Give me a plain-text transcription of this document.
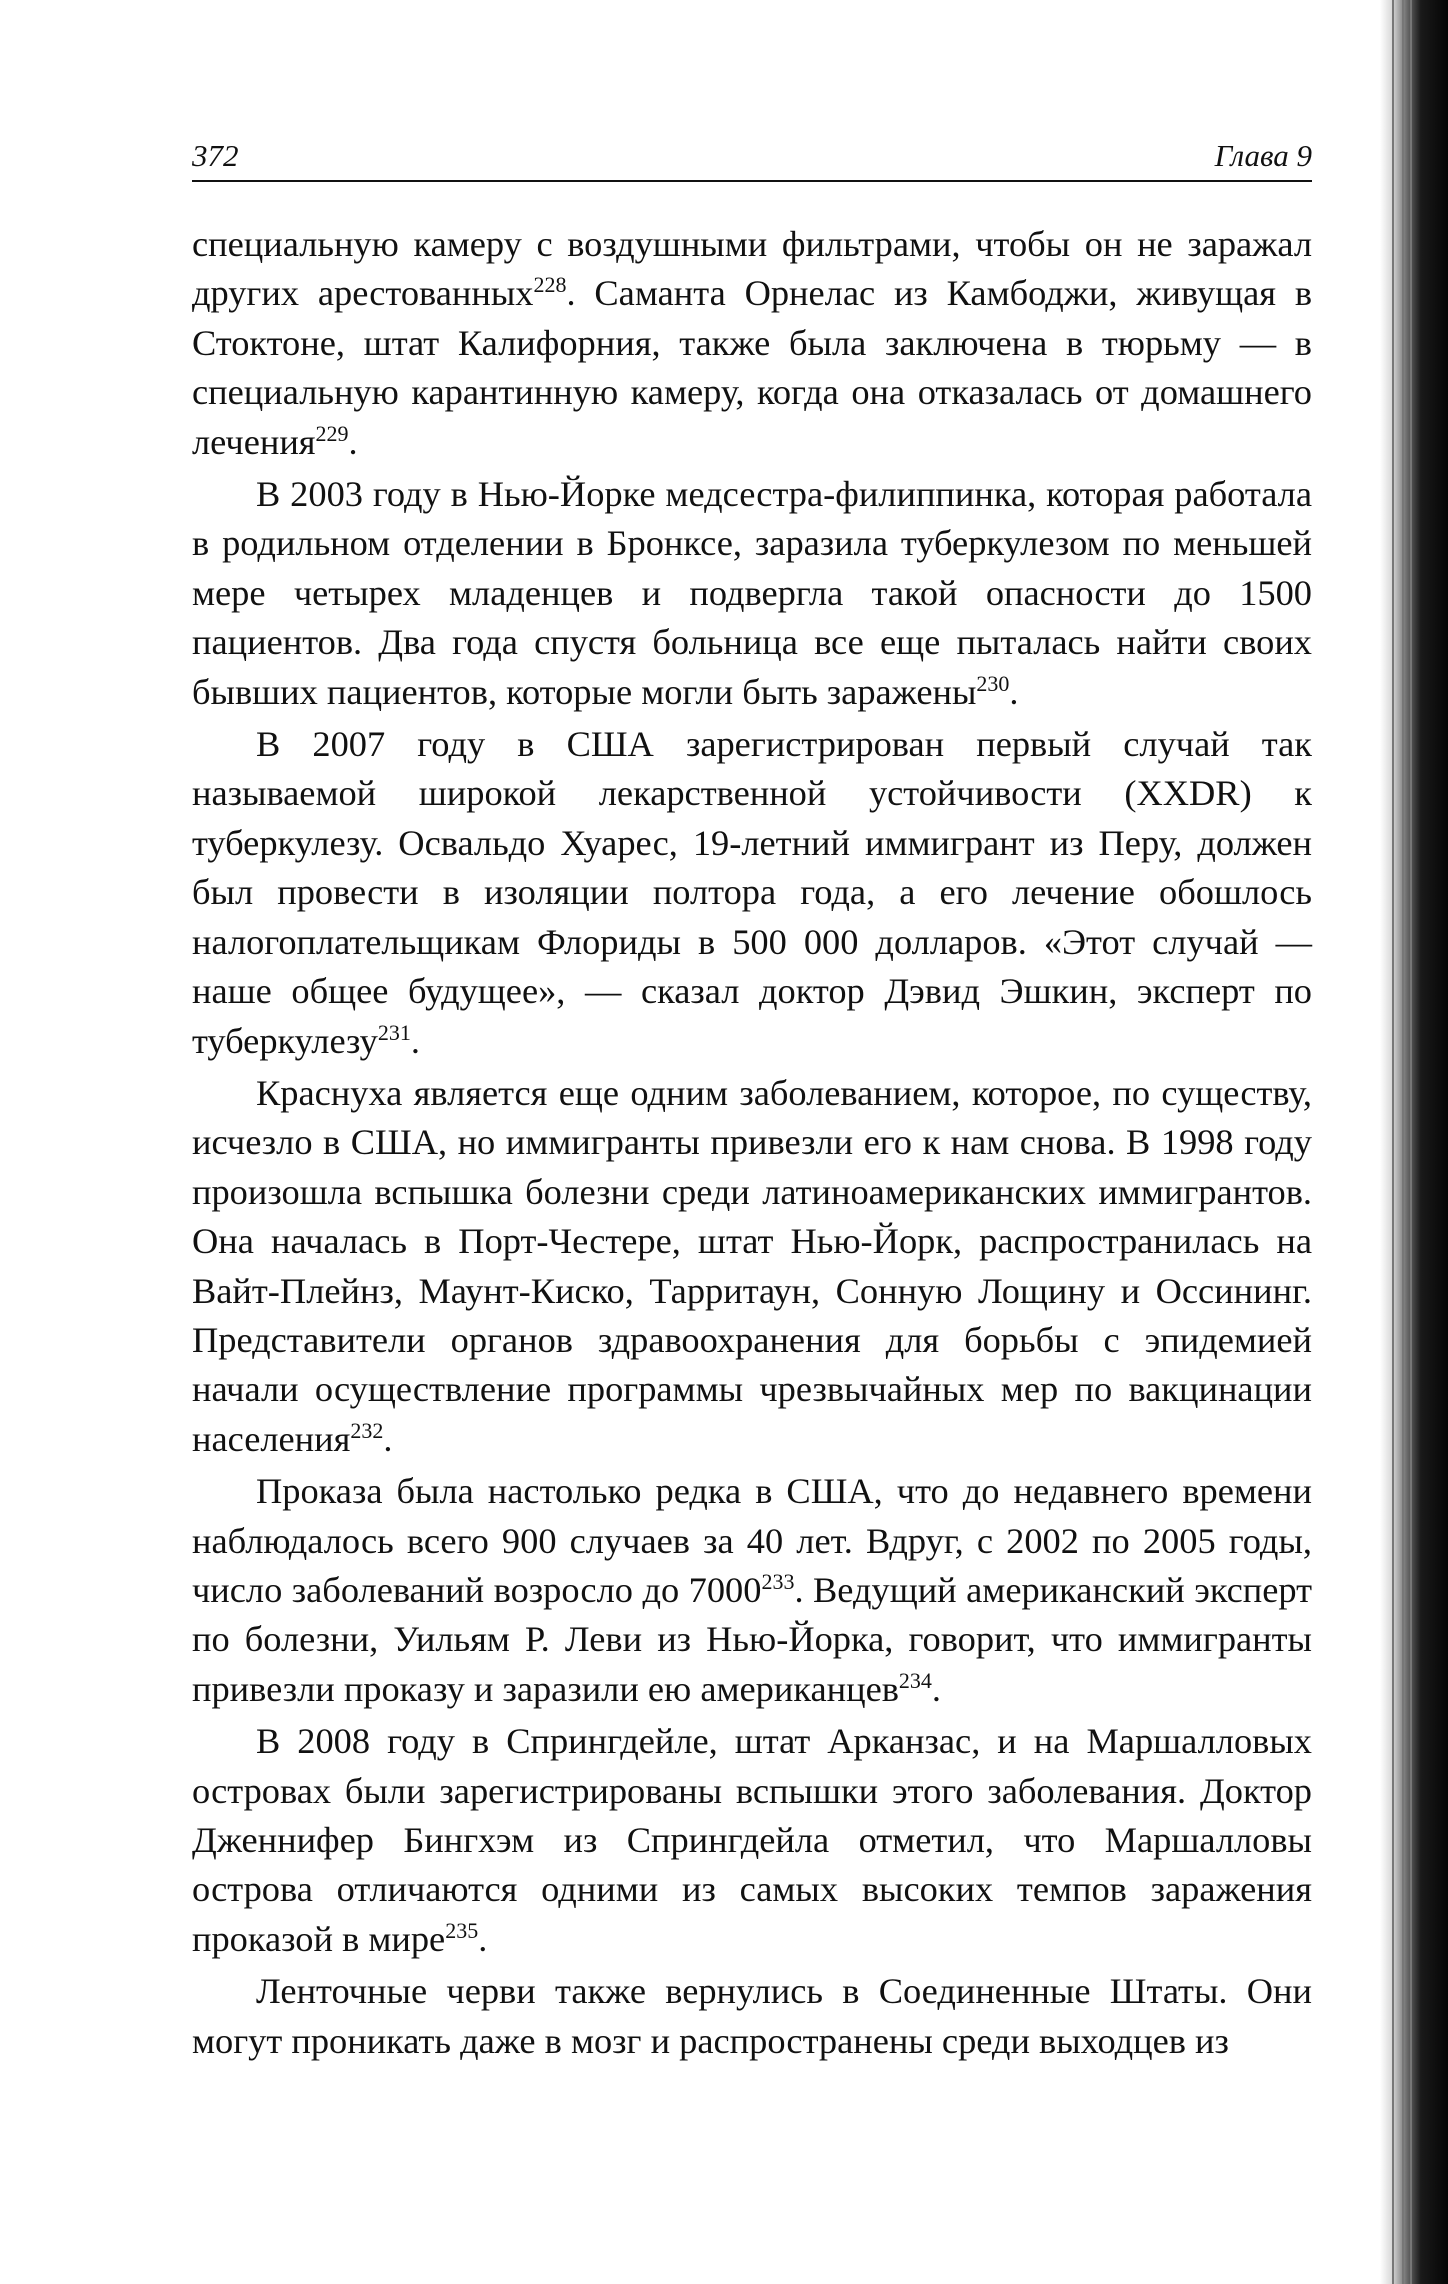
372	Глава 9

специальную камеру с воздушными фильтрами, чтобы он не заражал других арестованных$^{228}$. Саманта Орнелас из Камбоджи, живущая в Стоктоне, штат Калифорния, также была заключена в тюрьму — в специальную карантинную камеру, когда она отказалась от домашнего лечения$^{229}$.

В 2003 году в Нью-Йорке медсестра-филиппинка, которая работала в родильном отделении в Бронксе, заразила туберкулезом по меньшей мере четырех младенцев и подвергла такой опасности до 1500 пациентов. Два года спустя больница все еще пыталась найти своих бывших пациентов, которые могли быть заражены$^{230}$.

В 2007 году в США зарегистрирован первый случай так называемой широкой лекарственной устойчивости (XXDR) к туберкулезу. Освальдо Хуарес, 19-летний иммигрант из Перу, должен был провести в изоляции полтора года, а его лечение обошлось налогоплательщикам Флориды в 500 000 долларов. «Этот случай — наше общее будущее», — сказал доктор Дэвид Эшкин, эксперт по туберкулезу$^{231}$.

Краснуха является еще одним заболеванием, которое, по существу, исчезло в США, но иммигранты привезли его к нам снова. В 1998 году произошла вспышка болезни среди латиноамериканских иммигрантов. Она началась в Порт-Честере, штат Нью-Йорк, распространилась на Вайт-Плейнз, Маунт-Киско, Тарритаун, Сонную Лощину и Оссининг. Представители органов здравоохранения для борьбы с эпидемией начали осуществление программы чрезвычайных мер по вакцинации населения$^{232}$.

Проказа была настолько редка в США, что до недавнего времени наблюдалось всего 900 случаев за 40 лет. Вдруг, с 2002 по 2005 годы, число заболеваний возросло до 7000$^{233}$. Ведущий американский эксперт по болезни, Уильям Р. Леви из Нью-Йорка, говорит, что иммигранты привезли проказу и заразили ею американцев$^{234}$.

В 2008 году в Спрингдейле, штат Арканзас, и на Маршалловых островах были зарегистрированы вспышки этого заболевания. Доктор Дженнифер Бингхэм из Спрингдейла отметил, что Маршалловы острова отличаются одними из самых высоких темпов заражения проказой в мире$^{235}$.

Ленточные черви также вернулись в Соединенные Штаты. Они могут проникать даже в мозг и распространены среди выходцев из
